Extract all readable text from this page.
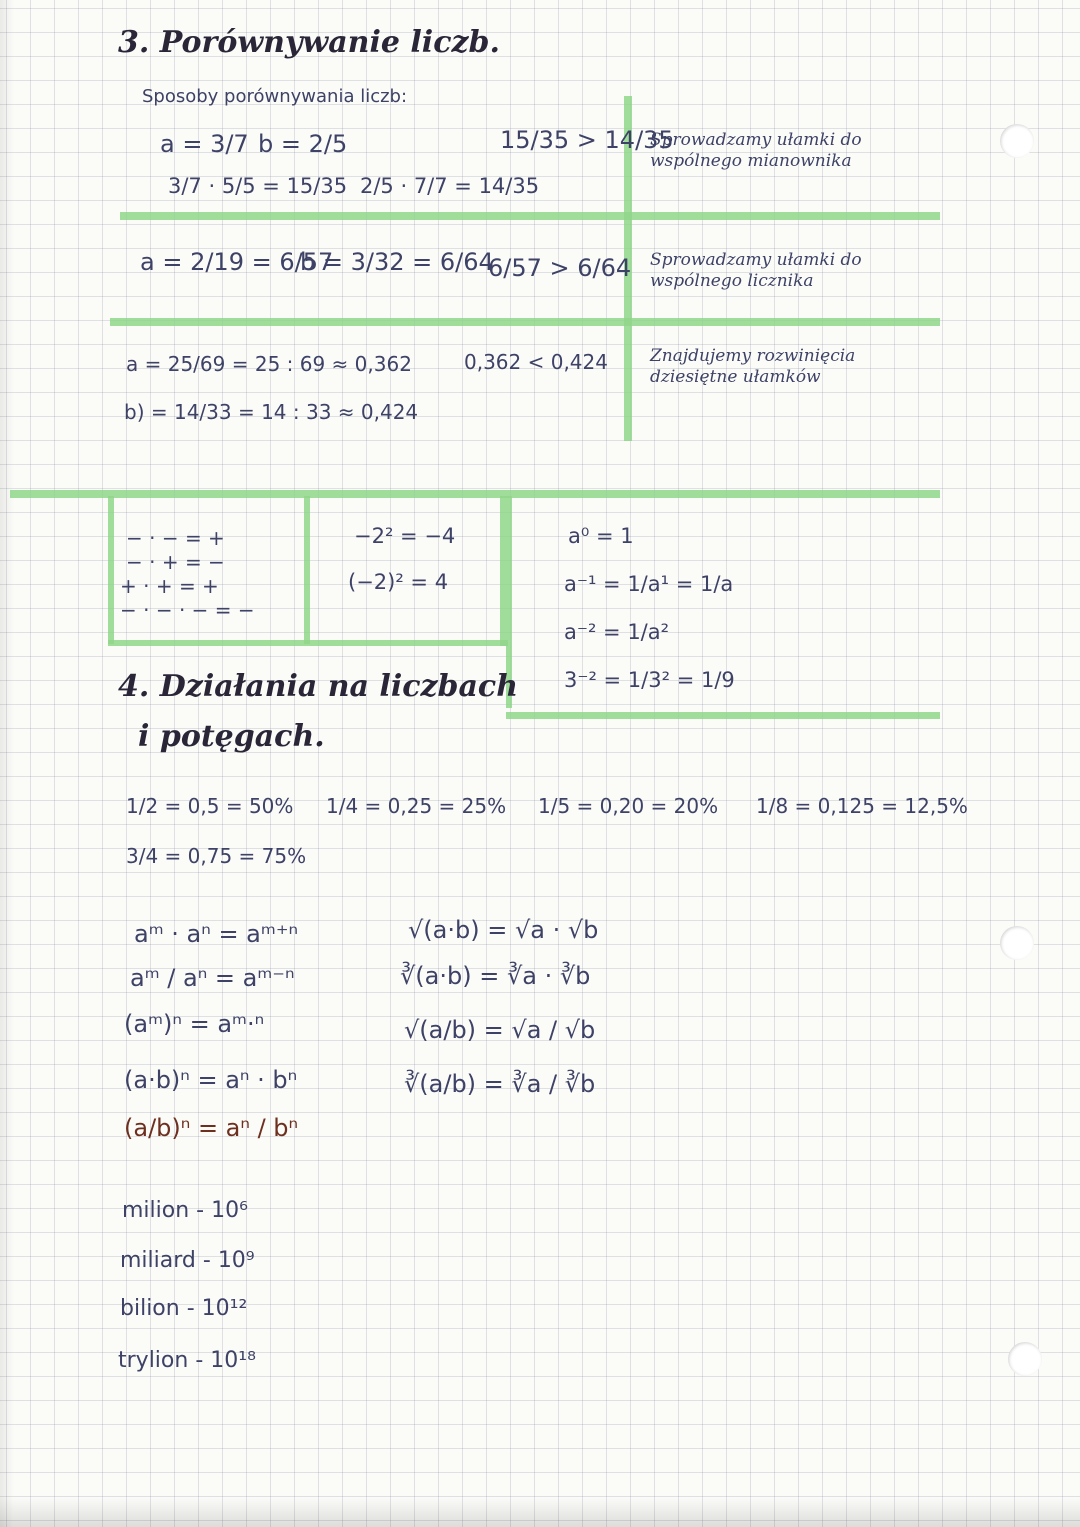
3. Porównywanie liczb.
Sposoby porównywania liczb:
a = 3/7 b = 2/5
3/7 · 5/5 = 15/35 2/5 · 7/7 = 14/35
15/35 > 14/35
Sprowadzamy ułamki do wspólnego mianownika
a = 2/19 = 6/57
b = 3/32 = 6/64
6/57 > 6/64 Sprowadzamy ułamki do wspólnego licznika
a = 25/69 = 25 : 69 ≈ 0,362
b) = 14/33 = 14 : 33 ≈ 0,424
0,362 < 0,424 Znajdujemy rozwinięcia dziesiętne ułamków
− · − = +
− · + = −
+ · + = +
− · − · − = −
−2² = −4
(−2)² = 4
a⁰ = 1
a⁻¹ = 1/a¹ = 1/a
a⁻² = 1/a²
3⁻² = 1/3² = 1/9
4. Działania na liczbach
i potęgach.
1/2 = 0,5 = 50% 1/4 = 0,25 = 25% 1/5 = 0,20 = 20% 1/8 = 0,125 = 12,5%
3/4 = 0,75 = 75%
aᵐ · aⁿ = aᵐ⁺ⁿ
aᵐ / aⁿ = aᵐ⁻ⁿ
(aᵐ)ⁿ = aᵐ·ⁿ
(a·b)ⁿ = aⁿ · bⁿ
(a/b)ⁿ = aⁿ / bⁿ
√(a·b) = √a · √b
∛(a·b) = ∛a · ∛b
√(a/b) = √a / √b
∛(a/b) = ∛a / ∛b
milion - 10⁶
miliard - 10⁹
bilion - 10¹²
trylion - 10¹⁸
